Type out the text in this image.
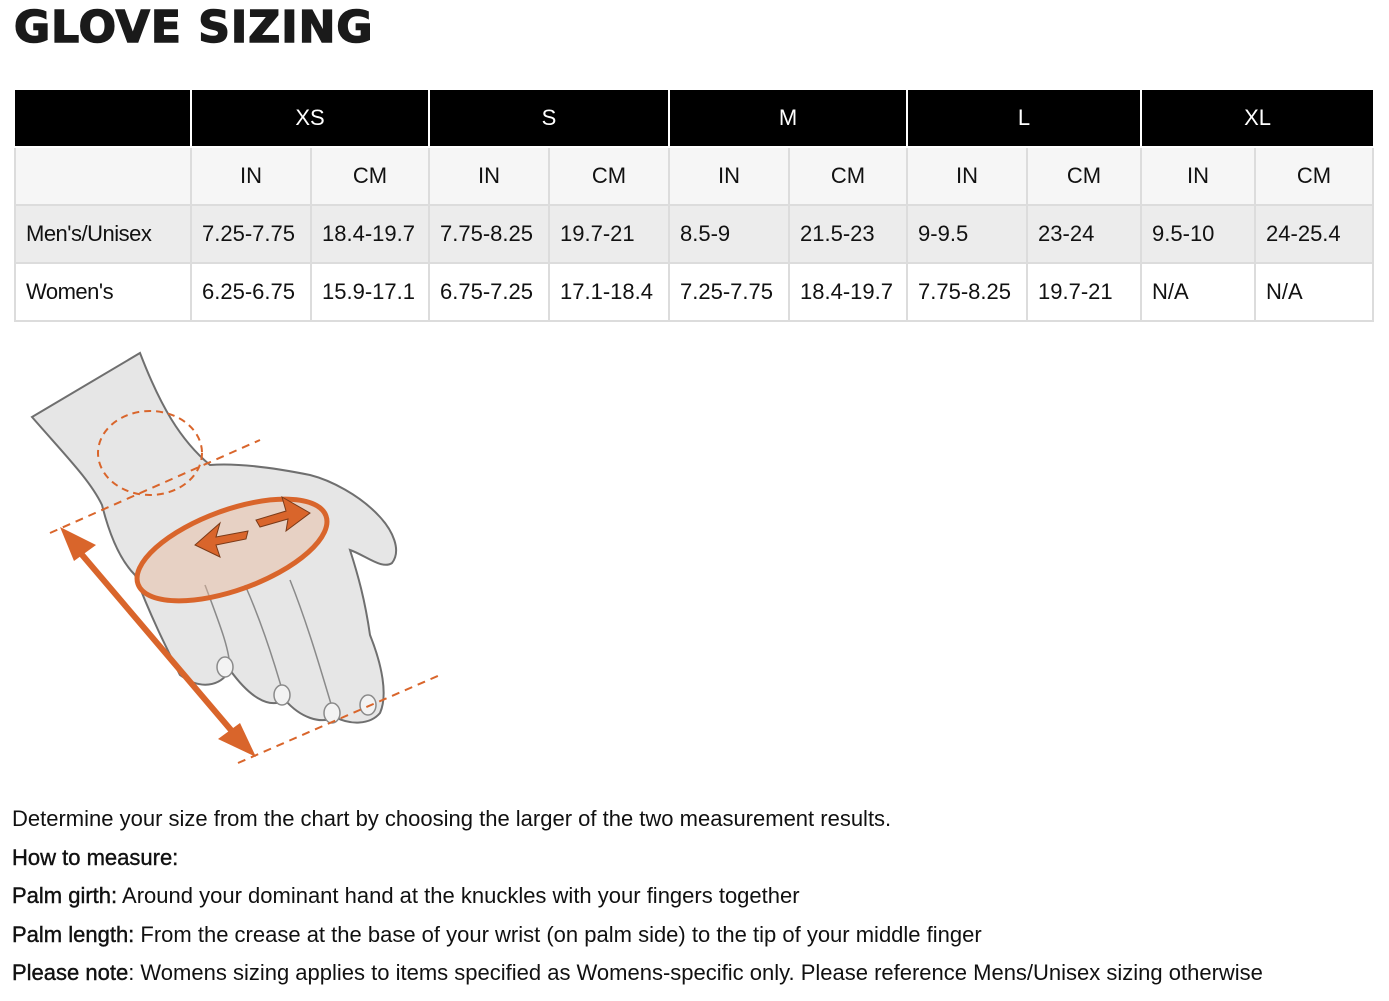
GLOVE SIZING
	XS		S		M		L		XL	
	IN	CM	IN	CM	IN	CM	IN	CM	IN	CM
Men's/Unisex	7.25-7.75	18.4-19.7	7.75-8.25	19.7-21	8.5-9	21.5-23	9-9.5	23-24	9.5-10	24-25.4
Women's	6.25-6.75	15.9-17.1	6.75-7.25	17.1-18.4	7.25-7.75	18.4-19.7	7.75-8.25	19.7-21	N/A	N/A
Determine your size from the chart by choosing the larger of the two measurement results.
How to measure:
Palm girth: Around your dominant hand at the knuckles with your fingers together
Palm length: From the crease at the base of your wrist (on palm side) to the tip of your middle finger
Please note: Womens sizing applies to items specified as Womens-specific only. Please reference Mens/Unisex sizing otherwise
